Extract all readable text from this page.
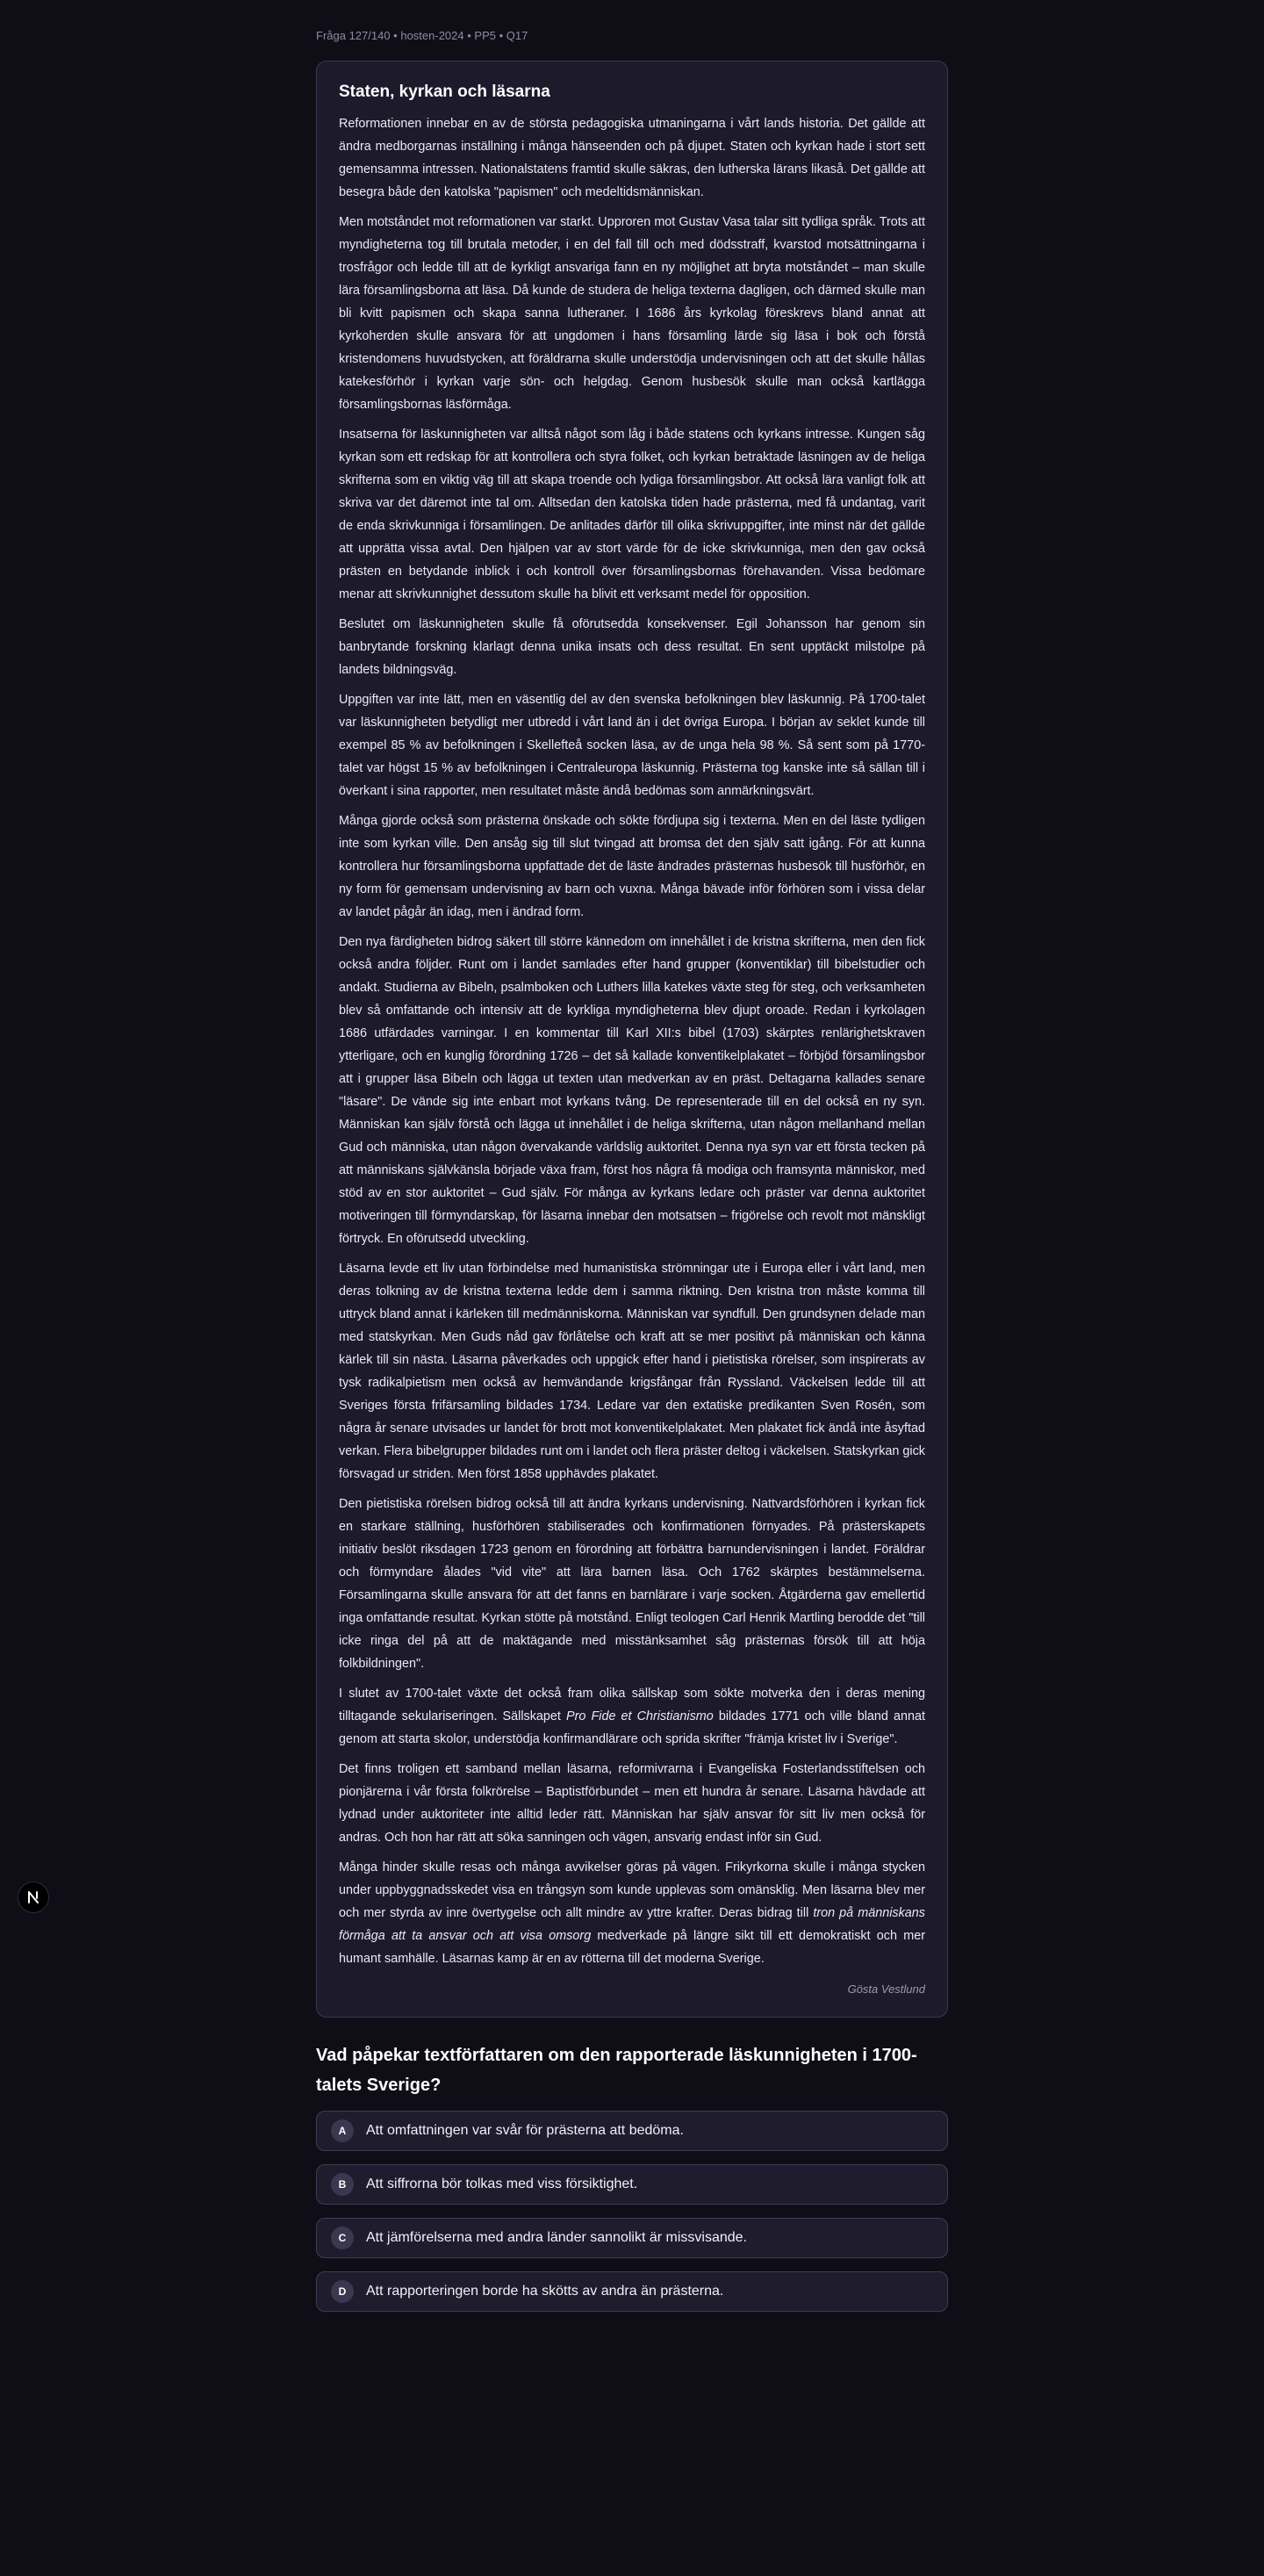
Fråga 127/140 • hosten-2024 • PP5 • Q17
Staten, kyrkan och läsarna

Reformationen innebar en av de största pedagogiska utmaningarna i vårt lands historia. Det gällde att ändra medborgarnas inställning i många hänseenden och på djupet. Staten och kyrkan hade i stort sett gemensamma intressen. Nationalstatens framtid skulle säkras, den lutherska lärans likaså. Det gällde att besegra både den katolska "papismen" och medeltidsmänniskan.

Men motståndet mot reformationen var starkt. Upproren mot Gustav Vasa talar sitt tydliga språk. Trots att myndigheterna tog till brutala metoder, i en del fall till och med dödsstraff, kvarstod motsättningarna i trosfrågor och ledde till att de kyrkligt ansvariga fann en ny möjlighet att bryta motståndet – man skulle lära församlingsborna att läsa. Då kunde de studera de heliga texterna dagligen, och därmed skulle man bli kvitt papismen och skapa sanna lutheraner. I 1686 års kyrkolag föreskrevs bland annat att kyrkoherden skulle ansvara för att ungdomen i hans församling lärde sig läsa i bok och förstå kristendomens huvudstycken, att föräldrarna skulle understödja undervisningen och att det skulle hållas katekesförhör i kyrkan varje sön- och helgdag. Genom husbesök skulle man också kartlägga församlingsbornas läsförmåga.

Insatserna för läskunnigheten var alltså något som låg i både statens och kyrkans intresse. Kungen såg kyrkan som ett redskap för att kontrollera och styra folket, och kyrkan betraktade läsningen av de heliga skrifterna som en viktig väg till att skapa troende och lydiga församlingsbor. Att också lära vanligt folk att skriva var det däremot inte tal om. Alltsedan den katolska tiden hade prästerna, med få undantag, varit de enda skrivkunniga i församlingen. De anlitades därför till olika skrivuppgifter, inte minst när det gällde att upprätta vissa avtal. Den hjälpen var av stort värde för de icke skrivkunniga, men den gav också prästen en betydande inblick i och kontroll över församlingsbornas förehavanden. Vissa bedömare menar att skrivkunnighet dessutom skulle ha blivit ett verksamt medel för opposition.

Beslutet om läskunnigheten skulle få oförutsedda konsekvenser. Egil Johansson har genom sin banbrytande forskning klarlagt denna unika insats och dess resultat. En sent upptäckt milstolpe på landets bildningsväg.

Uppgiften var inte lätt, men en väsentlig del av den svenska befolkningen blev läskunnig. På 1700-talet var läskunnigheten betydligt mer utbredd i vårt land än i det övriga Europa. I början av seklet kunde till exempel 85 % av befolkningen i Skellefteå socken läsa, av de unga hela 98 %. Så sent som på 1770-talet var högst 15 % av befolkningen i Centraleuropa läskunnig. Prästerna tog kanske inte så sällan till i överkant i sina rapporter, men resultatet måste ändå bedömas som anmärkningsvärt.

Många gjorde också som prästerna önskade och sökte fördjupa sig i texterna. Men en del läste tydligen inte som kyrkan ville. Den ansåg sig till slut tvingad att bromsa det den själv satt igång. För att kunna kontrollera hur församlingsborna uppfattade det de läste ändrades prästernas husbesök till husförhör, en ny form för gemensam undervisning av barn och vuxna. Många bävade inför förhören som i vissa delar av landet pågår än idag, men i ändrad form.

Den nya färdigheten bidrog säkert till större kännedom om innehållet i de kristna skrifterna, men den fick också andra följder. Runt om i landet samlades efter hand grupper (konventiklar) till bibelstudier och andakt. Studierna av Bibeln, psalmboken och Luthers lilla katekes växte steg för steg, och verksamheten blev så omfattande och intensiv att de kyrkliga myndigheterna blev djupt oroade. Redan i kyrkolagen 1686 utfärdades varningar. I en kommentar till Karl XII:s bibel (1703) skärptes renlärighetskraven ytterligare, och en kunglig förordning 1726 – det så kallade konventikelplakatet – förbjöd församlingsbor att i grupper läsa Bibeln och lägga ut texten utan medverkan av en präst. Deltagarna kallades senare "läsare". De vände sig inte enbart mot kyrkans tvång. De representerade till en del också en ny syn. Människan kan själv förstå och lägga ut innehållet i de heliga skrifterna, utan någon mellanhand mellan Gud och människa, utan någon övervakande världslig auktoritet. Denna nya syn var ett första tecken på att människans självkänsla började växa fram, först hos några få modiga och framsynta människor, med stöd av en stor auktoritet – Gud själv. För många av kyrkans ledare och präster var denna auktoritet motiveringen till förmyndarskap, för läsarna innebar den motsatsen – frigörelse och revolt mot mänskligt förtryck. En oförutsedd utveckling.

Läsarna levde ett liv utan förbindelse med humanistiska strömningar ute i Europa eller i vårt land, men deras tolkning av de kristna texterna ledde dem i samma riktning. Den kristna tron måste komma till uttryck bland annat i kärleken till medmänniskorna. Människan var syndfull. Den grundsynen delade man med statskyrkan. Men Guds nåd gav förlåtelse och kraft att se mer positivt på människan och känna kärlek till sin nästa. Läsarna påverkades och uppgick efter hand i pietistiska rörelser, som inspirerats av tysk radikalpietism men också av hemvändande krigsfångar från Ryssland. Väckelsen ledde till att Sveriges första frifärsamling bildades 1734. Ledare var den extatiske predikanten Sven Rosén, som några år senare utvisades ur landet för brott mot konventikelplakatet. Men plakatet fick ändå inte åsyftad verkan. Flera bibelgrupper bildades runt om i landet och flera präster deltog i väckelsen. Statskyrkan gick försvagad ur striden. Men först 1858 upphävdes plakatet.

Den pietistiska rörelsen bidrog också till att ändra kyrkans undervisning. Nattvardsförhören i kyrkan fick en starkare ställning, husförhören stabiliserades och konfirmationen förnyades. På prästerskapets initiativ beslöt riksdagen 1723 genom en förordning att förbättra barnundervisningen i landet. Föräldrar och förmyndare ålades "vid vite" att lära barnen läsa. Och 1762 skärptes bestämmelserna. Församlingarna skulle ansvara för att det fanns en barnlärare i varje socken. Åtgärderna gav emellertid inga omfattande resultat. Kyrkan stötte på motstånd. Enligt teologen Carl Henrik Martling berodde det "till icke ringa del på att de maktägande med misstänksamhet såg prästernas försök till att höja folkbildningen".

I slutet av 1700-talet växte det också fram olika sällskap som sökte motverka den i deras mening tilltagande sekulariseringen. Sällskapet Pro Fide et Christianismo bildades 1771 och ville bland annat genom att starta skolor, understödja konfirmandlärare och sprida skrifter "främja kristet liv i Sverige".

Det finns troligen ett samband mellan läsarna, reformivrarna i Evangeliska Fosterlandsstiftelsen och pionjärerna i vår första folkrörelse – Baptistförbundet – men ett hundra år senare. Läsarna hävdade att lydnad under auktoriteter inte alltid leder rätt. Människan har själv ansvar för sitt liv men också för andras. Och hon har rätt att söka sanningen och vägen, ansvarig endast inför sin Gud.

Många hinder skulle resas och många avvikelser göras på vägen. Frikyrkorna skulle i många stycken under uppbyggnadsskedet visa en trångsyn som kunde upplevas som omänsklig. Men läsarna blev mer och mer styrda av inre övertygelse och allt mindre av yttre krafter. Deras bidrag till tron på människans förmåga att ta ansvar och att visa omsorg medverkade på längre sikt till ett demokratiskt och mer humant samhälle. Läsarnas kamp är en av rötterna till det moderna Sverige.

Gösta Vestlund
Vad påpekar textförfattaren om den rapporterade läskunnigheten i 1700-talets Sverige?
A	Att omfattningen var svår för prästerna att bedöma.
B	Att siffrorna bör tolkas med viss försiktighet.
C	Att jämförelserna med andra länder sannolikt är missvisande.
D	Att rapporteringen borde ha skötts av andra än prästerna.
